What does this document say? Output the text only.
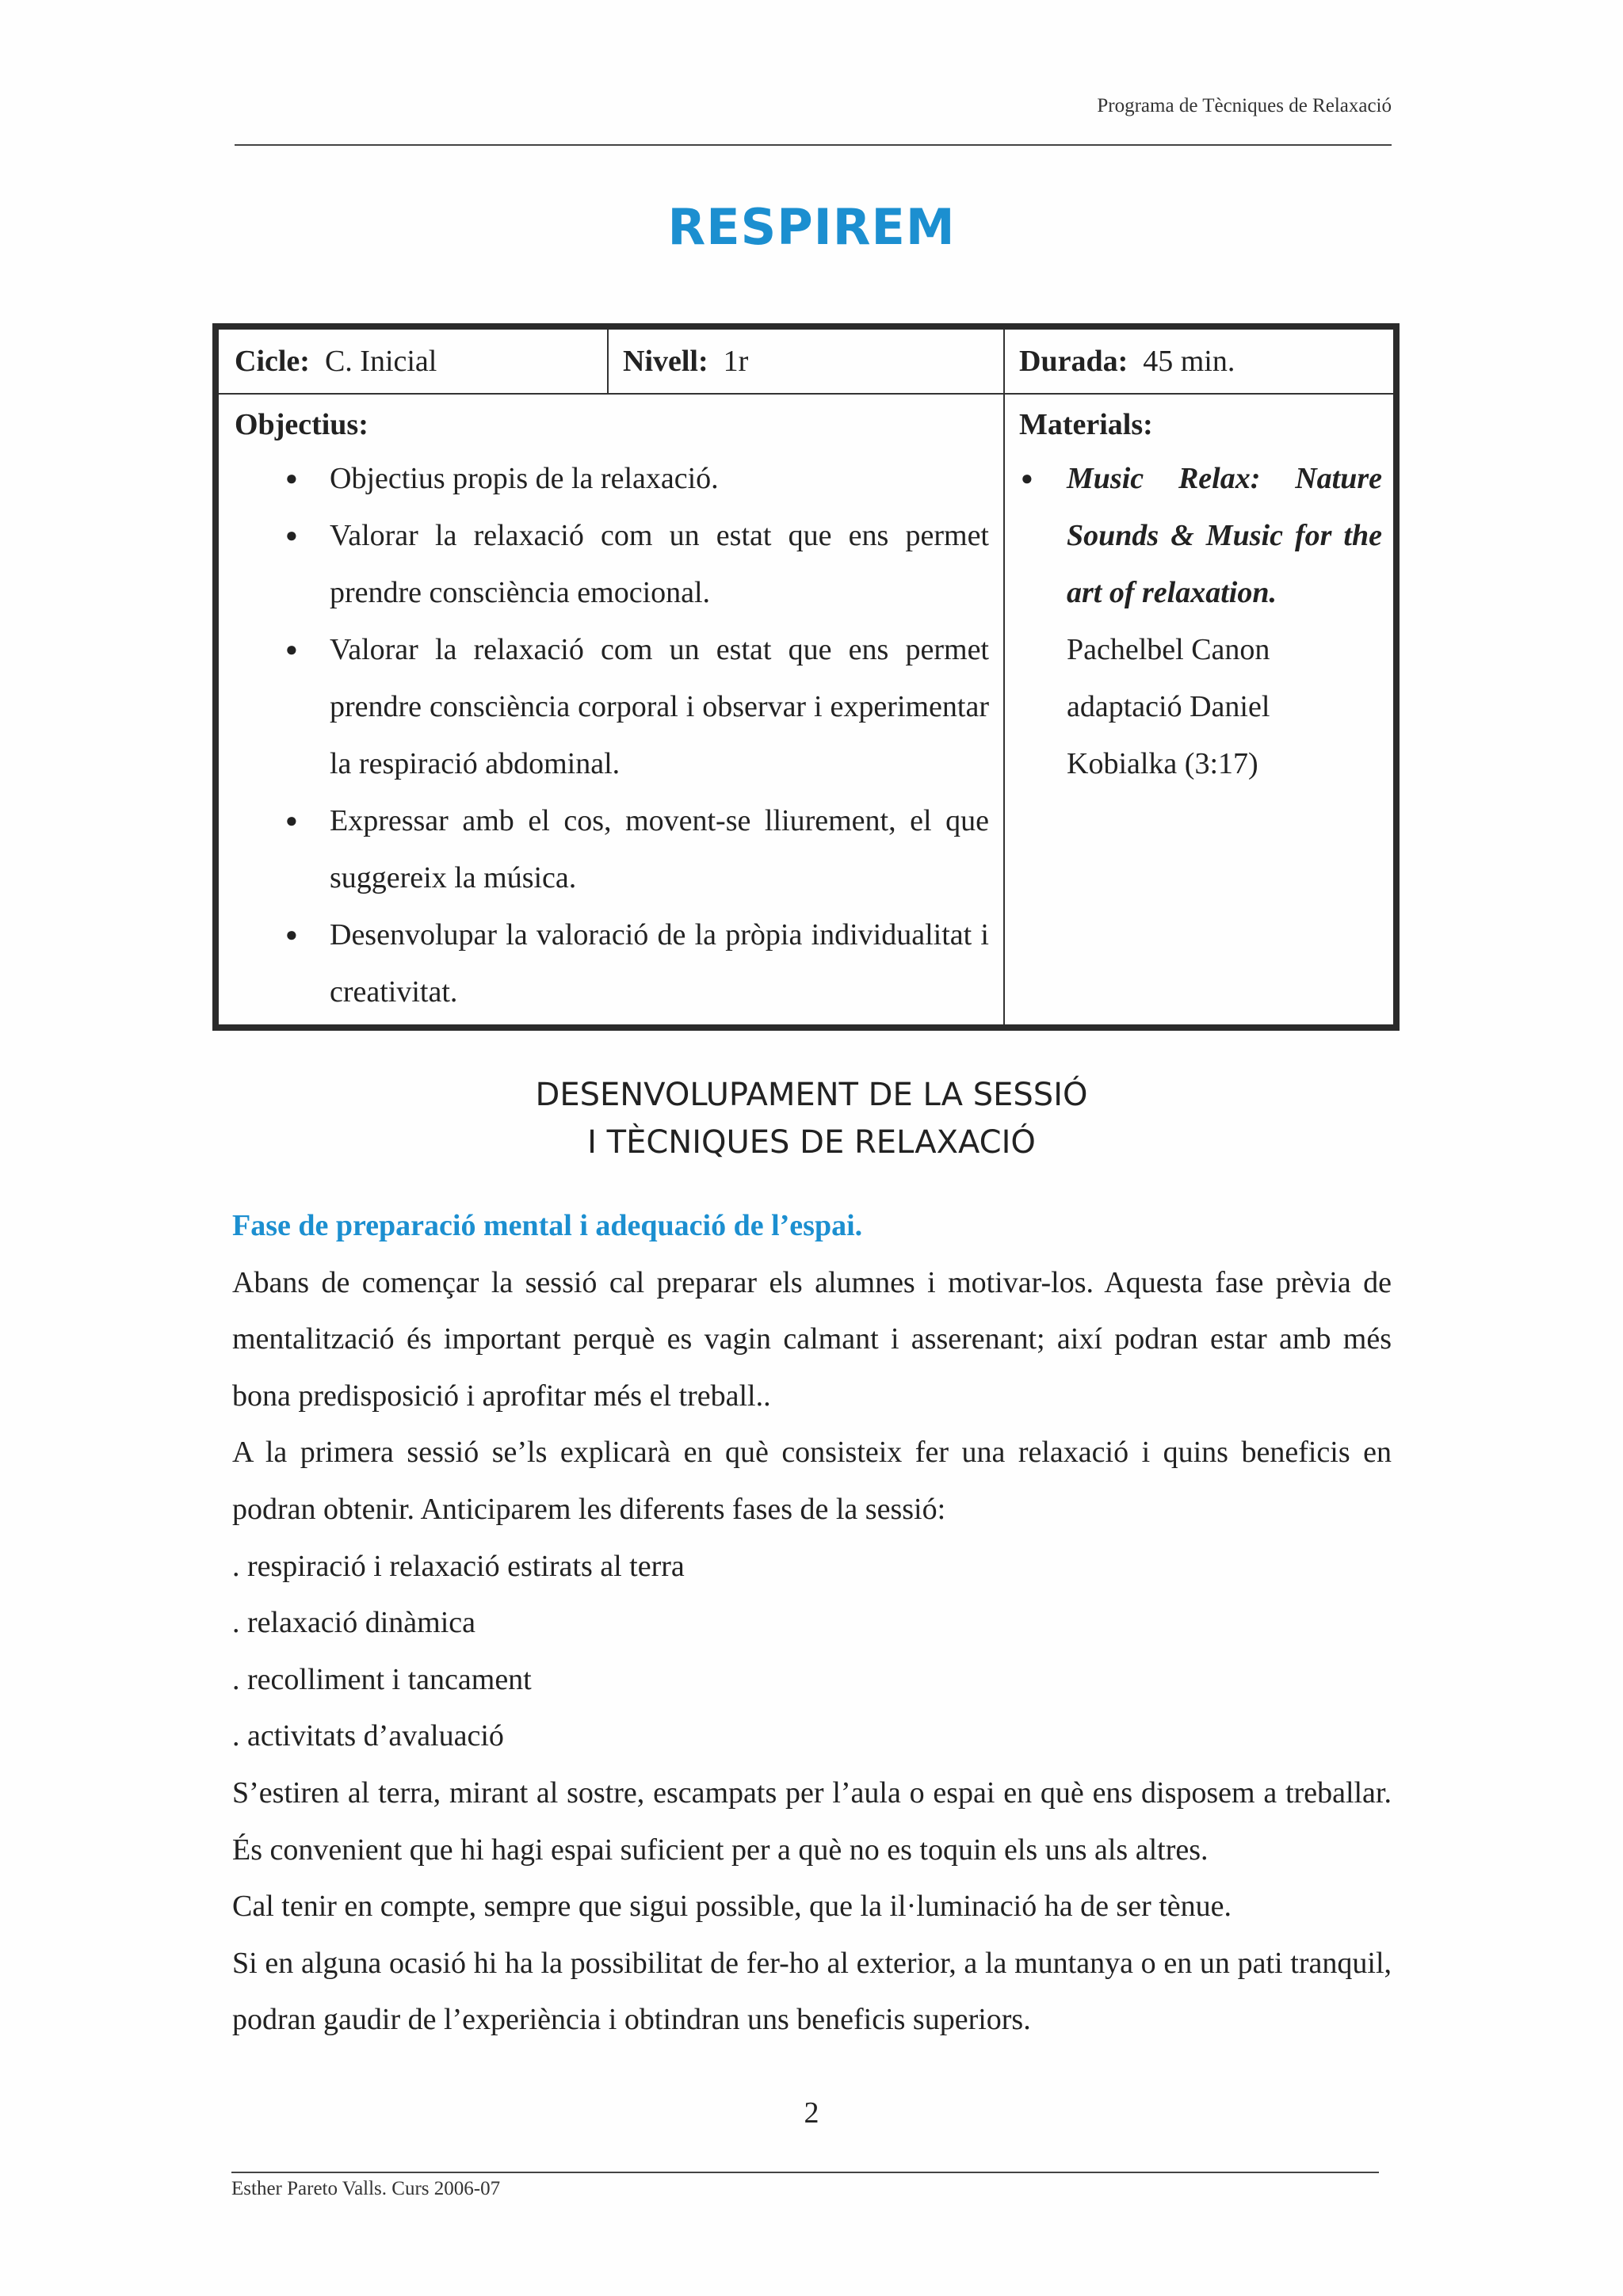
Programa de Tècniques de Relaxació
RESPIREM
Cicle: C. Inicial	Nivell: 1r	Durada: 45 min.
Objectius:
● Objectius propis de la relaxació.
● Valorar la relaxació com un estat que ens permet prendre consciència emocional.
● Valorar la relaxació com un estat que ens permet prendre consciència corporal i observar i experimentar la respiració abdominal.
● Expressar amb el cos, movent-se lliurement, el que suggereix la música.
● Desenvolupar la valoració de la pròpia individualitat i creativitat.
Materials:
●	Music Relax: Nature Sounds & Music for the art of relaxation.
Pachelbel Canon
adaptació Daniel
Kobialka (3:17)
DESENVOLUPAMENT DE LA SESSIÓ
I TÈCNIQUES DE RELAXACIÓ

Fase de preparació mental i adequació de l’espai.

Abans de començar la sessió cal preparar els alumnes i motivar-los. Aquesta fase prèvia de mentalització és important perquè es vagin calmant i asserenant; així podran estar amb més bona predisposició i aprofitar més el treball..

A la primera sessió se’ls explicarà en què consisteix fer una relaxació i quins beneficis en podran obtenir. Anticiparem les diferents fases de la sessió:

. respiració i relaxació estirats al terra

. relaxació dinàmica

. recolliment i tancament

. activitats d’avaluació

S’estiren al terra, mirant al sostre, escampats per l’aula o espai en què ens disposem a treballar. És convenient que hi hagi espai suficient per a què no es toquin els uns als altres.

Cal tenir en compte, sempre que sigui possible, que la il·luminació ha de ser tènue.

Si en alguna ocasió hi ha la possibilitat de fer-ho al exterior, a la muntanya o en un pati tranquil, podran gaudir de l’experiència i obtindran uns beneficis superiors.

2
Esther Pareto Valls. Curs 2006-07
